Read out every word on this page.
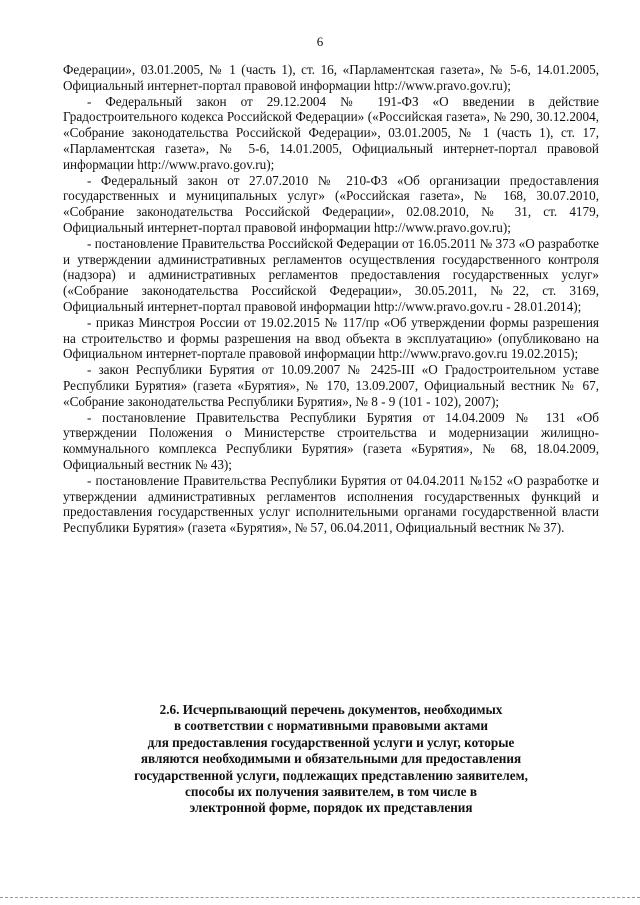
6

Федерации», 03.01.2005, № 1 (часть 1), ст. 16, «Парламентская газета», № 5-6, 14.01.2005, Официальный интернет-портал правовой информации http://www.pravo.gov.ru);

- Федеральный закон от 29.12.2004 № 191-ФЗ «О введении в действие Градостроительного кодекса Российской Федерации» («Российская газета», № 290, 30.12.2004, «Собрание законодательства Российской Федерации», 03.01.2005, № 1 (часть 1), ст. 17, «Парламентская газета», № 5-6, 14.01.2005, Официальный интернет-портал правовой информации http://www.pravo.gov.ru);

- Федеральный закон от 27.07.2010 № 210-ФЗ «Об организации предоставления государственных и муниципальных услуг» («Российская газета», № 168, 30.07.2010, «Собрание законодательства Российской Федерации», 02.08.2010, № 31, ст. 4179, Официальный интернет-портал правовой информации http://www.pravo.gov.ru);

- постановление Правительства Российской Федерации от 16.05.2011 № 373 «О разработке и утверждении административных регламентов осуществления государственного контроля (надзора) и административных регламентов предоставления государственных услуг» («Собрание законодательства Российской Федерации», 30.05.2011, №22, ст. 3169, Официальный интернет-портал правовой информации http://www.pravo.gov.ru - 28.01.2014);

- приказ Минстроя России от 19.02.2015 № 117/пр «Об утверждении формы разрешения на строительство и формы разрешения на ввод объекта в эксплуатацию» (опубликовано на Официальном интернет-портале правовой информации http://www.pravo.gov.ru 19.02.2015);

- закон Республики Бурятия от 10.09.2007 № 2425-III «О Градостроительном уставе Республики Бурятия» (газета «Бурятия», № 170, 13.09.2007, Официальный вестник № 67, «Собрание законодательства Республики Бурятия», № 8 - 9 (101 - 102), 2007);

- постановление Правительства Республики Бурятия от 14.04.2009 № 131 «Об утверждении Положения о Министерстве строительства и модернизации жилищно-коммунального комплекса Республики Бурятия» (газета «Бурятия», № 68, 18.04.2009, Официальный вестник № 43);

- постановление Правительства Республики Бурятия от 04.04.2011 №152 «О разработке и утверждении административных регламентов исполнения государственных функций и предоставления государственных услуг исполнительными органами государственной власти Республики Бурятия» (газета «Бурятия», № 57, 06.04.2011, Официальный вестник № 37).

2.6. Исчерпывающий перечень документов, необходимых
в соответствии с нормативными правовыми актами
для предоставления государственной услуги и услуг, которые
являются необходимыми и обязательными для предоставления
государственной услуги, подлежащих представлению заявителем,
способы их получения заявителем, в том числе в
электронной форме, порядок их представления
